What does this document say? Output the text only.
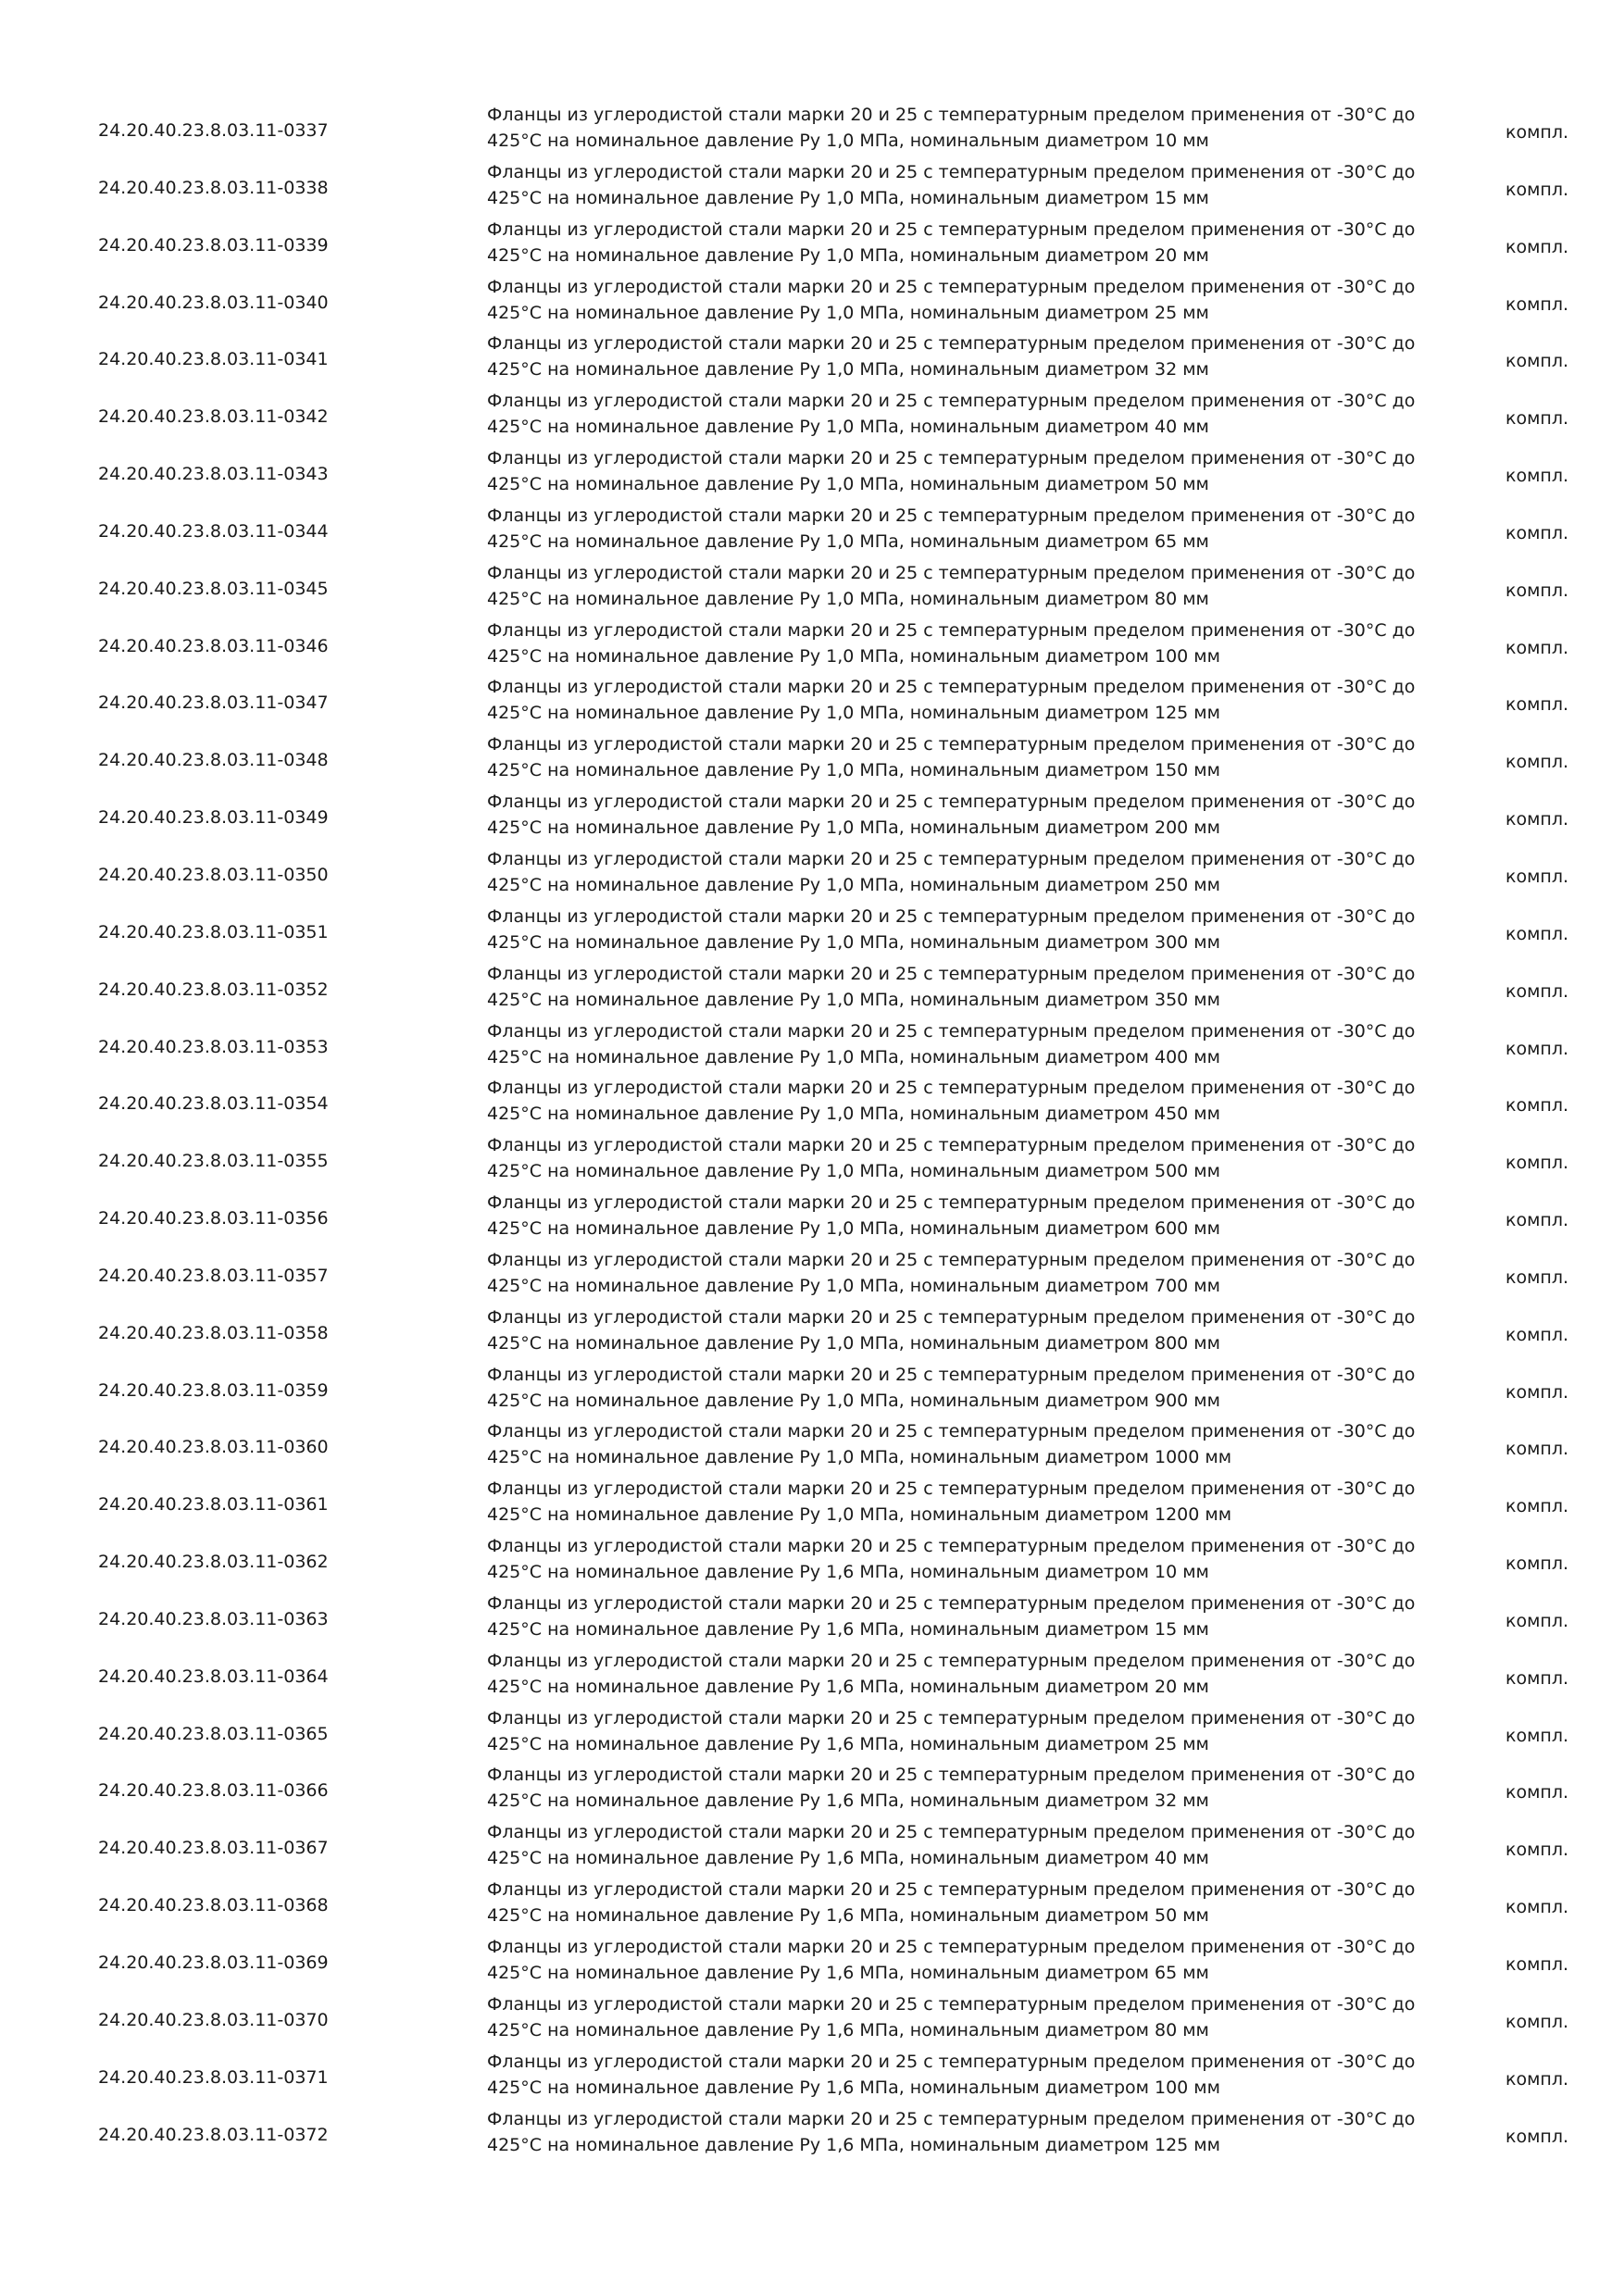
24.20.40.23.8.03.11-0337
Фланцы из углеродистой стали марки 20 и 25 с температурным пределом применения от -30°С до
425°С на номинальное давление Ру 1,0 МПа, номинальным диаметром 10 мм	компл.
24.20.40.23.8.03.11-0338
Фланцы из углеродистой стали марки 20 и 25 с температурным пределом применения от -30°С до
425°С на номинальное давление Ру 1,0 МПа, номинальным диаметром 15 мм	компл.
24.20.40.23.8.03.11-0339
Фланцы из углеродистой стали марки 20 и 25 с температурным пределом применения от -30°С до
425°С на номинальное давление Ру 1,0 МПа, номинальным диаметром 20 мм	компл.
24.20.40.23.8.03.11-0340
Фланцы из углеродистой стали марки 20 и 25 с температурным пределом применения от -30°С до
425°С на номинальное давление Ру 1,0 МПа, номинальным диаметром 25 мм	компл.
24.20.40.23.8.03.11-0341
Фланцы из углеродистой стали марки 20 и 25 с температурным пределом применения от -30°С до
425°С на номинальное давление Ру 1,0 МПа, номинальным диаметром 32 мм	компл.
24.20.40.23.8.03.11-0342
Фланцы из углеродистой стали марки 20 и 25 с температурным пределом применения от -30°С до
425°С на номинальное давление Ру 1,0 МПа, номинальным диаметром 40 мм	компл.
24.20.40.23.8.03.11-0343
Фланцы из углеродистой стали марки 20 и 25 с температурным пределом применения от -30°С до
425°С на номинальное давление Ру 1,0 МПа, номинальным диаметром 50 мм	компл.
24.20.40.23.8.03.11-0344
Фланцы из углеродистой стали марки 20 и 25 с температурным пределом применения от -30°С до
425°С на номинальное давление Ру 1,0 МПа, номинальным диаметром 65 мм	компл.
24.20.40.23.8.03.11-0345
Фланцы из углеродистой стали марки 20 и 25 с температурным пределом применения от -30°С до
425°С на номинальное давление Ру 1,0 МПа, номинальным диаметром 80 мм	компл.
24.20.40.23.8.03.11-0346
Фланцы из углеродистой стали марки 20 и 25 с температурным пределом применения от -30°С до
425°С на номинальное давление Ру 1,0 МПа, номинальным диаметром 100 мм	компл.
24.20.40.23.8.03.11-0347
Фланцы из углеродистой стали марки 20 и 25 с температурным пределом применения от -30°С до
425°С на номинальное давление Ру 1,0 МПа, номинальным диаметром 125 мм	компл.
24.20.40.23.8.03.11-0348
Фланцы из углеродистой стали марки 20 и 25 с температурным пределом применения от -30°С до
425°С на номинальное давление Ру 1,0 МПа, номинальным диаметром 150 мм	компл.
24.20.40.23.8.03.11-0349
Фланцы из углеродистой стали марки 20 и 25 с температурным пределом применения от -30°С до
425°С на номинальное давление Ру 1,0 МПа, номинальным диаметром 200 мм	компл.
24.20.40.23.8.03.11-0350
Фланцы из углеродистой стали марки 20 и 25 с температурным пределом применения от -30°С до
425°С на номинальное давление Ру 1,0 МПа, номинальным диаметром 250 мм	компл.
24.20.40.23.8.03.11-0351
Фланцы из углеродистой стали марки 20 и 25 с температурным пределом применения от -30°С до
425°С на номинальное давление Ру 1,0 МПа, номинальным диаметром 300 мм	компл.
24.20.40.23.8.03.11-0352
Фланцы из углеродистой стали марки 20 и 25 с температурным пределом применения от -30°С до
425°С на номинальное давление Ру 1,0 МПа, номинальным диаметром 350 мм	компл.
24.20.40.23.8.03.11-0353
Фланцы из углеродистой стали марки 20 и 25 с температурным пределом применения от -30°С до
425°С на номинальное давление Ру 1,0 МПа, номинальным диаметром 400 мм	компл.
24.20.40.23.8.03.11-0354
Фланцы из углеродистой стали марки 20 и 25 с температурным пределом применения от -30°С до
425°С на номинальное давление Ру 1,0 МПа, номинальным диаметром 450 мм	компл.
24.20.40.23.8.03.11-0355
Фланцы из углеродистой стали марки 20 и 25 с температурным пределом применения от -30°С до
425°С на номинальное давление Ру 1,0 МПа, номинальным диаметром 500 мм	компл.
24.20.40.23.8.03.11-0356
Фланцы из углеродистой стали марки 20 и 25 с температурным пределом применения от -30°С до
425°С на номинальное давление Ру 1,0 МПа, номинальным диаметром 600 мм	компл.
24.20.40.23.8.03.11-0357
Фланцы из углеродистой стали марки 20 и 25 с температурным пределом применения от -30°С до
425°С на номинальное давление Ру 1,0 МПа, номинальным диаметром 700 мм	компл.
24.20.40.23.8.03.11-0358
Фланцы из углеродистой стали марки 20 и 25 с температурным пределом применения от -30°С до
425°С на номинальное давление Ру 1,0 МПа, номинальным диаметром 800 мм	компл.
24.20.40.23.8.03.11-0359
Фланцы из углеродистой стали марки 20 и 25 с температурным пределом применения от -30°С до
425°С на номинальное давление Ру 1,0 МПа, номинальным диаметром 900 мм	компл.
24.20.40.23.8.03.11-0360
Фланцы из углеродистой стали марки 20 и 25 с температурным пределом применения от -30°С до
425°С на номинальное давление Ру 1,0 МПа, номинальным диаметром 1000 мм	компл.
24.20.40.23.8.03.11-0361
Фланцы из углеродистой стали марки 20 и 25 с температурным пределом применения от -30°С до
425°С на номинальное давление Ру 1,0 МПа, номинальным диаметром 1200 мм	компл.
24.20.40.23.8.03.11-0362
Фланцы из углеродистой стали марки 20 и 25 с температурным пределом применения от -30°С до
425°С на номинальное давление Ру 1,6 МПа, номинальным диаметром 10 мм	компл.
24.20.40.23.8.03.11-0363
Фланцы из углеродистой стали марки 20 и 25 с температурным пределом применения от -30°С до
425°С на номинальное давление Ру 1,6 МПа, номинальным диаметром 15 мм	компл.
24.20.40.23.8.03.11-0364
Фланцы из углеродистой стали марки 20 и 25 с температурным пределом применения от -30°С до
425°С на номинальное давление Ру 1,6 МПа, номинальным диаметром 20 мм	компл.
24.20.40.23.8.03.11-0365
Фланцы из углеродистой стали марки 20 и 25 с температурным пределом применения от -30°С до
425°С на номинальное давление Ру 1,6 МПа, номинальным диаметром 25 мм	компл.
24.20.40.23.8.03.11-0366
Фланцы из углеродистой стали марки 20 и 25 с температурным пределом применения от -30°С до
425°С на номинальное давление Ру 1,6 МПа, номинальным диаметром 32 мм	компл.
24.20.40.23.8.03.11-0367
Фланцы из углеродистой стали марки 20 и 25 с температурным пределом применения от -30°С до
425°С на номинальное давление Ру 1,6 МПа, номинальным диаметром 40 мм	компл.
24.20.40.23.8.03.11-0368
Фланцы из углеродистой стали марки 20 и 25 с температурным пределом применения от -30°С до
425°С на номинальное давление Ру 1,6 МПа, номинальным диаметром 50 мм	компл.
24.20.40.23.8.03.11-0369
Фланцы из углеродистой стали марки 20 и 25 с температурным пределом применения от -30°С до
425°С на номинальное давление Ру 1,6 МПа, номинальным диаметром 65 мм	компл.
24.20.40.23.8.03.11-0370
Фланцы из углеродистой стали марки 20 и 25 с температурным пределом применения от -30°С до
425°С на номинальное давление Ру 1,6 МПа, номинальным диаметром 80 мм	компл.
24.20.40.23.8.03.11-0371
Фланцы из углеродистой стали марки 20 и 25 с температурным пределом применения от -30°С до
425°С на номинальное давление Ру 1,6 МПа, номинальным диаметром 100 мм	компл.
24.20.40.23.8.03.11-0372
Фланцы из углеродистой стали марки 20 и 25 с температурным пределом применения от -30°С до
425°С на номинальное давление Ру 1,6 МПа, номинальным диаметром 125 мм	компл.
